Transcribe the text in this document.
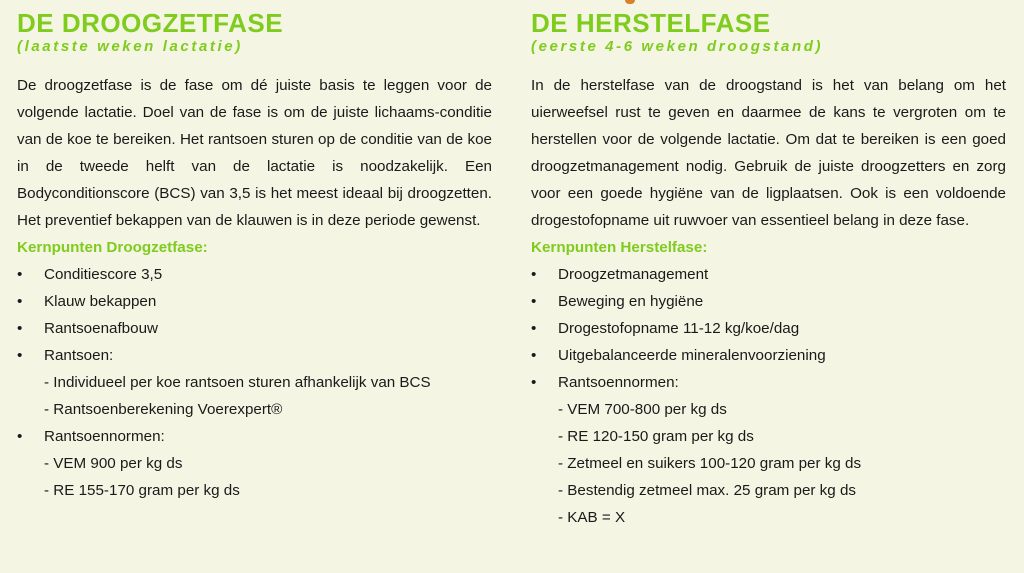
DE DROOGZETFASE

(laatste weken lactatie)

De droogzetfase is de fase om dé juiste basis te leggen voor de volgende lactatie. Doel van de fase is om de juiste lichaams-conditie van de koe te bereiken. Het rantsoen sturen op de conditie van de koe in de tweede helft van de lactatie is noodzakelijk. Een Bodyconditionscore (BCS) van 3,5 is het meest ideaal bij droogzetten. Het preventief bekappen van de klauwen is in deze periode gewenst.

Kernpunten Droogzetfase:

• Conditiescore 3,5
• Klauw bekappen
• Rantsoenafbouw
• Rantsoen:
- Individueel per koe rantsoen sturen afhankelijk van BCS
- Rantsoenberekening Voerexpert®
• Rantsoennormen:
- VEM 900 per kg ds
- RE 155-170 gram per kg ds
DE HERSTELFASE

(eerste 4-6 weken droogstand)

In de herstelfase van de droogstand is het van belang om het uierweefsel rust te geven en daarmee de kans te vergroten om te herstellen voor de volgende lactatie. Om dat te bereiken is een goed droogzetmanagement nodig. Gebruik de juiste droogzetters en zorg voor een goede hygiëne van de ligplaatsen. Ook is een voldoende drogestofopname uit ruwvoer van essentieel belang in deze fase.

Kernpunten Herstelfase:

• Droogzetmanagement
• Beweging en hygiëne
• Drogestofopname 11-12 kg/koe/dag
• Uitgebalanceerde mineralenvoorziening
• Rantsoennormen:
- VEM 700-800 per kg ds
- RE 120-150 gram per kg ds
- Zetmeel en suikers 100-120 gram per kg ds
- Bestendig zetmeel max. 25 gram per kg ds
- KAB = X
